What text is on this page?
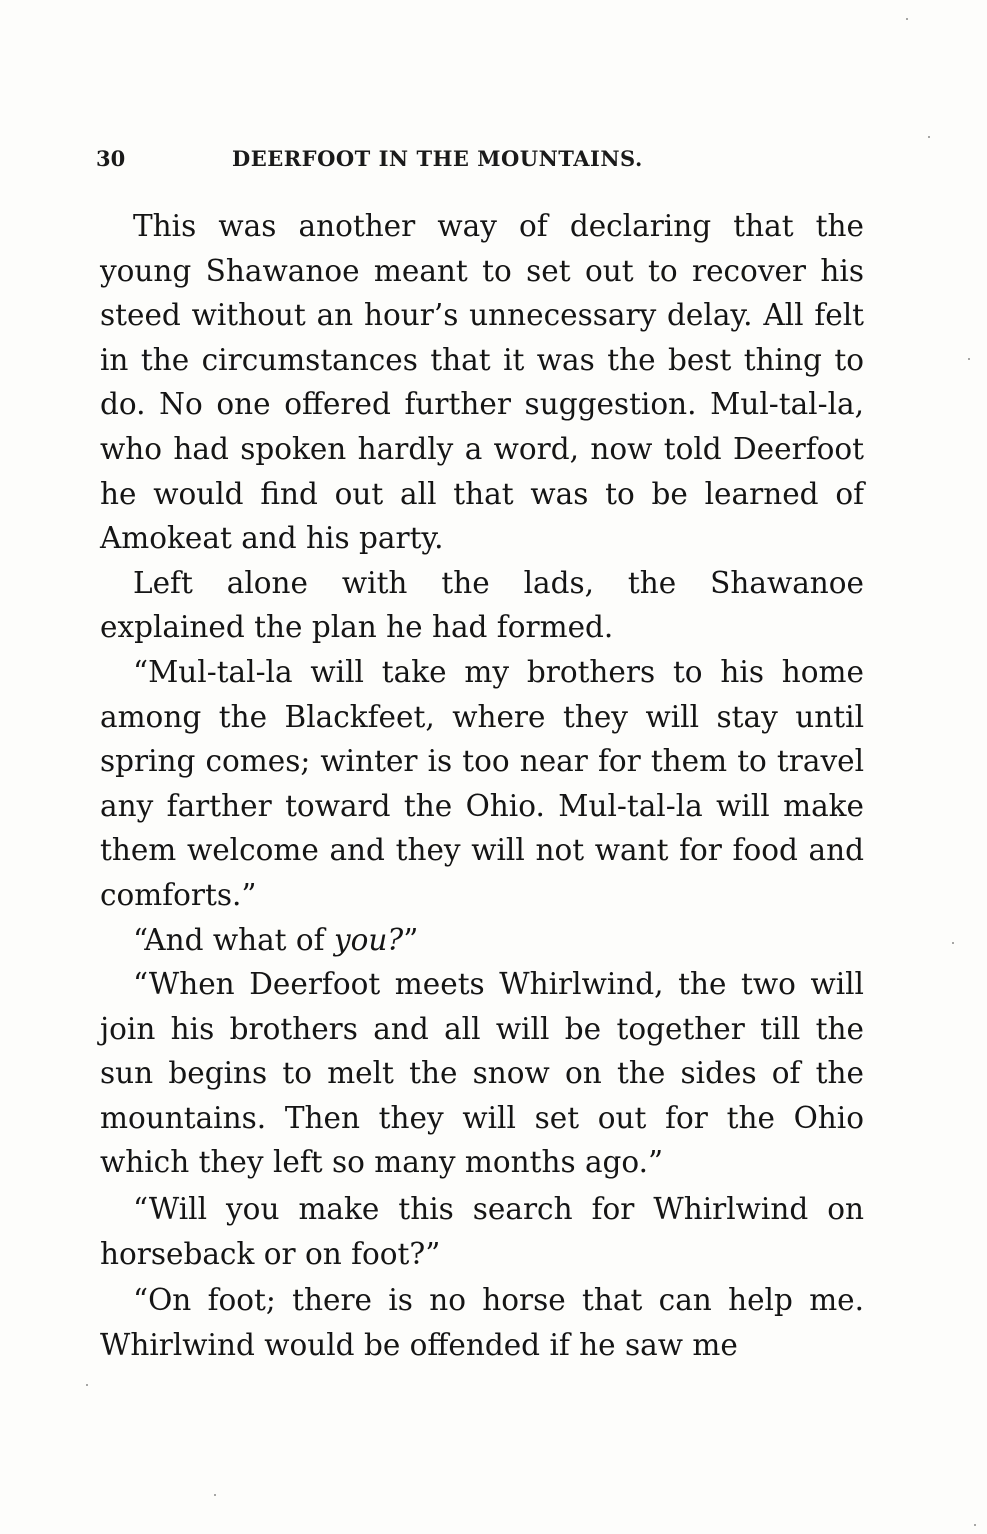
30	DEERFOOT IN THE MOUNTAINS.

This was another way of declaring that the young Shawanoe meant to set out to recover his steed without an hour’s unnecessary delay. All felt in the circumstances that it was the best thing to do. No one offered further suggestion. Mul-tal-la, who had spoken hardly a word, now told Deerfoot he would find out all that was to be learned of Amokeat and his party.

Left alone with the lads, the Shawanoe explained the plan he had formed.

“Mul-tal-la will take my brothers to his home among the Blackfeet, where they will stay until spring comes; winter is too near for them to travel any farther toward the Ohio. Mul-tal-la will make them welcome and they will not want for food and comforts.”

“And what of you?”

“When Deerfoot meets Whirlwind, the two will join his brothers and all will be together till the sun begins to melt the snow on the sides of the mountains. Then they will set out for the Ohio which they left so many months ago.”

“Will you make this search for Whirlwind on horseback or on foot?”

“On foot; there is no horse that can help me. Whirlwind would be offended if he saw me
